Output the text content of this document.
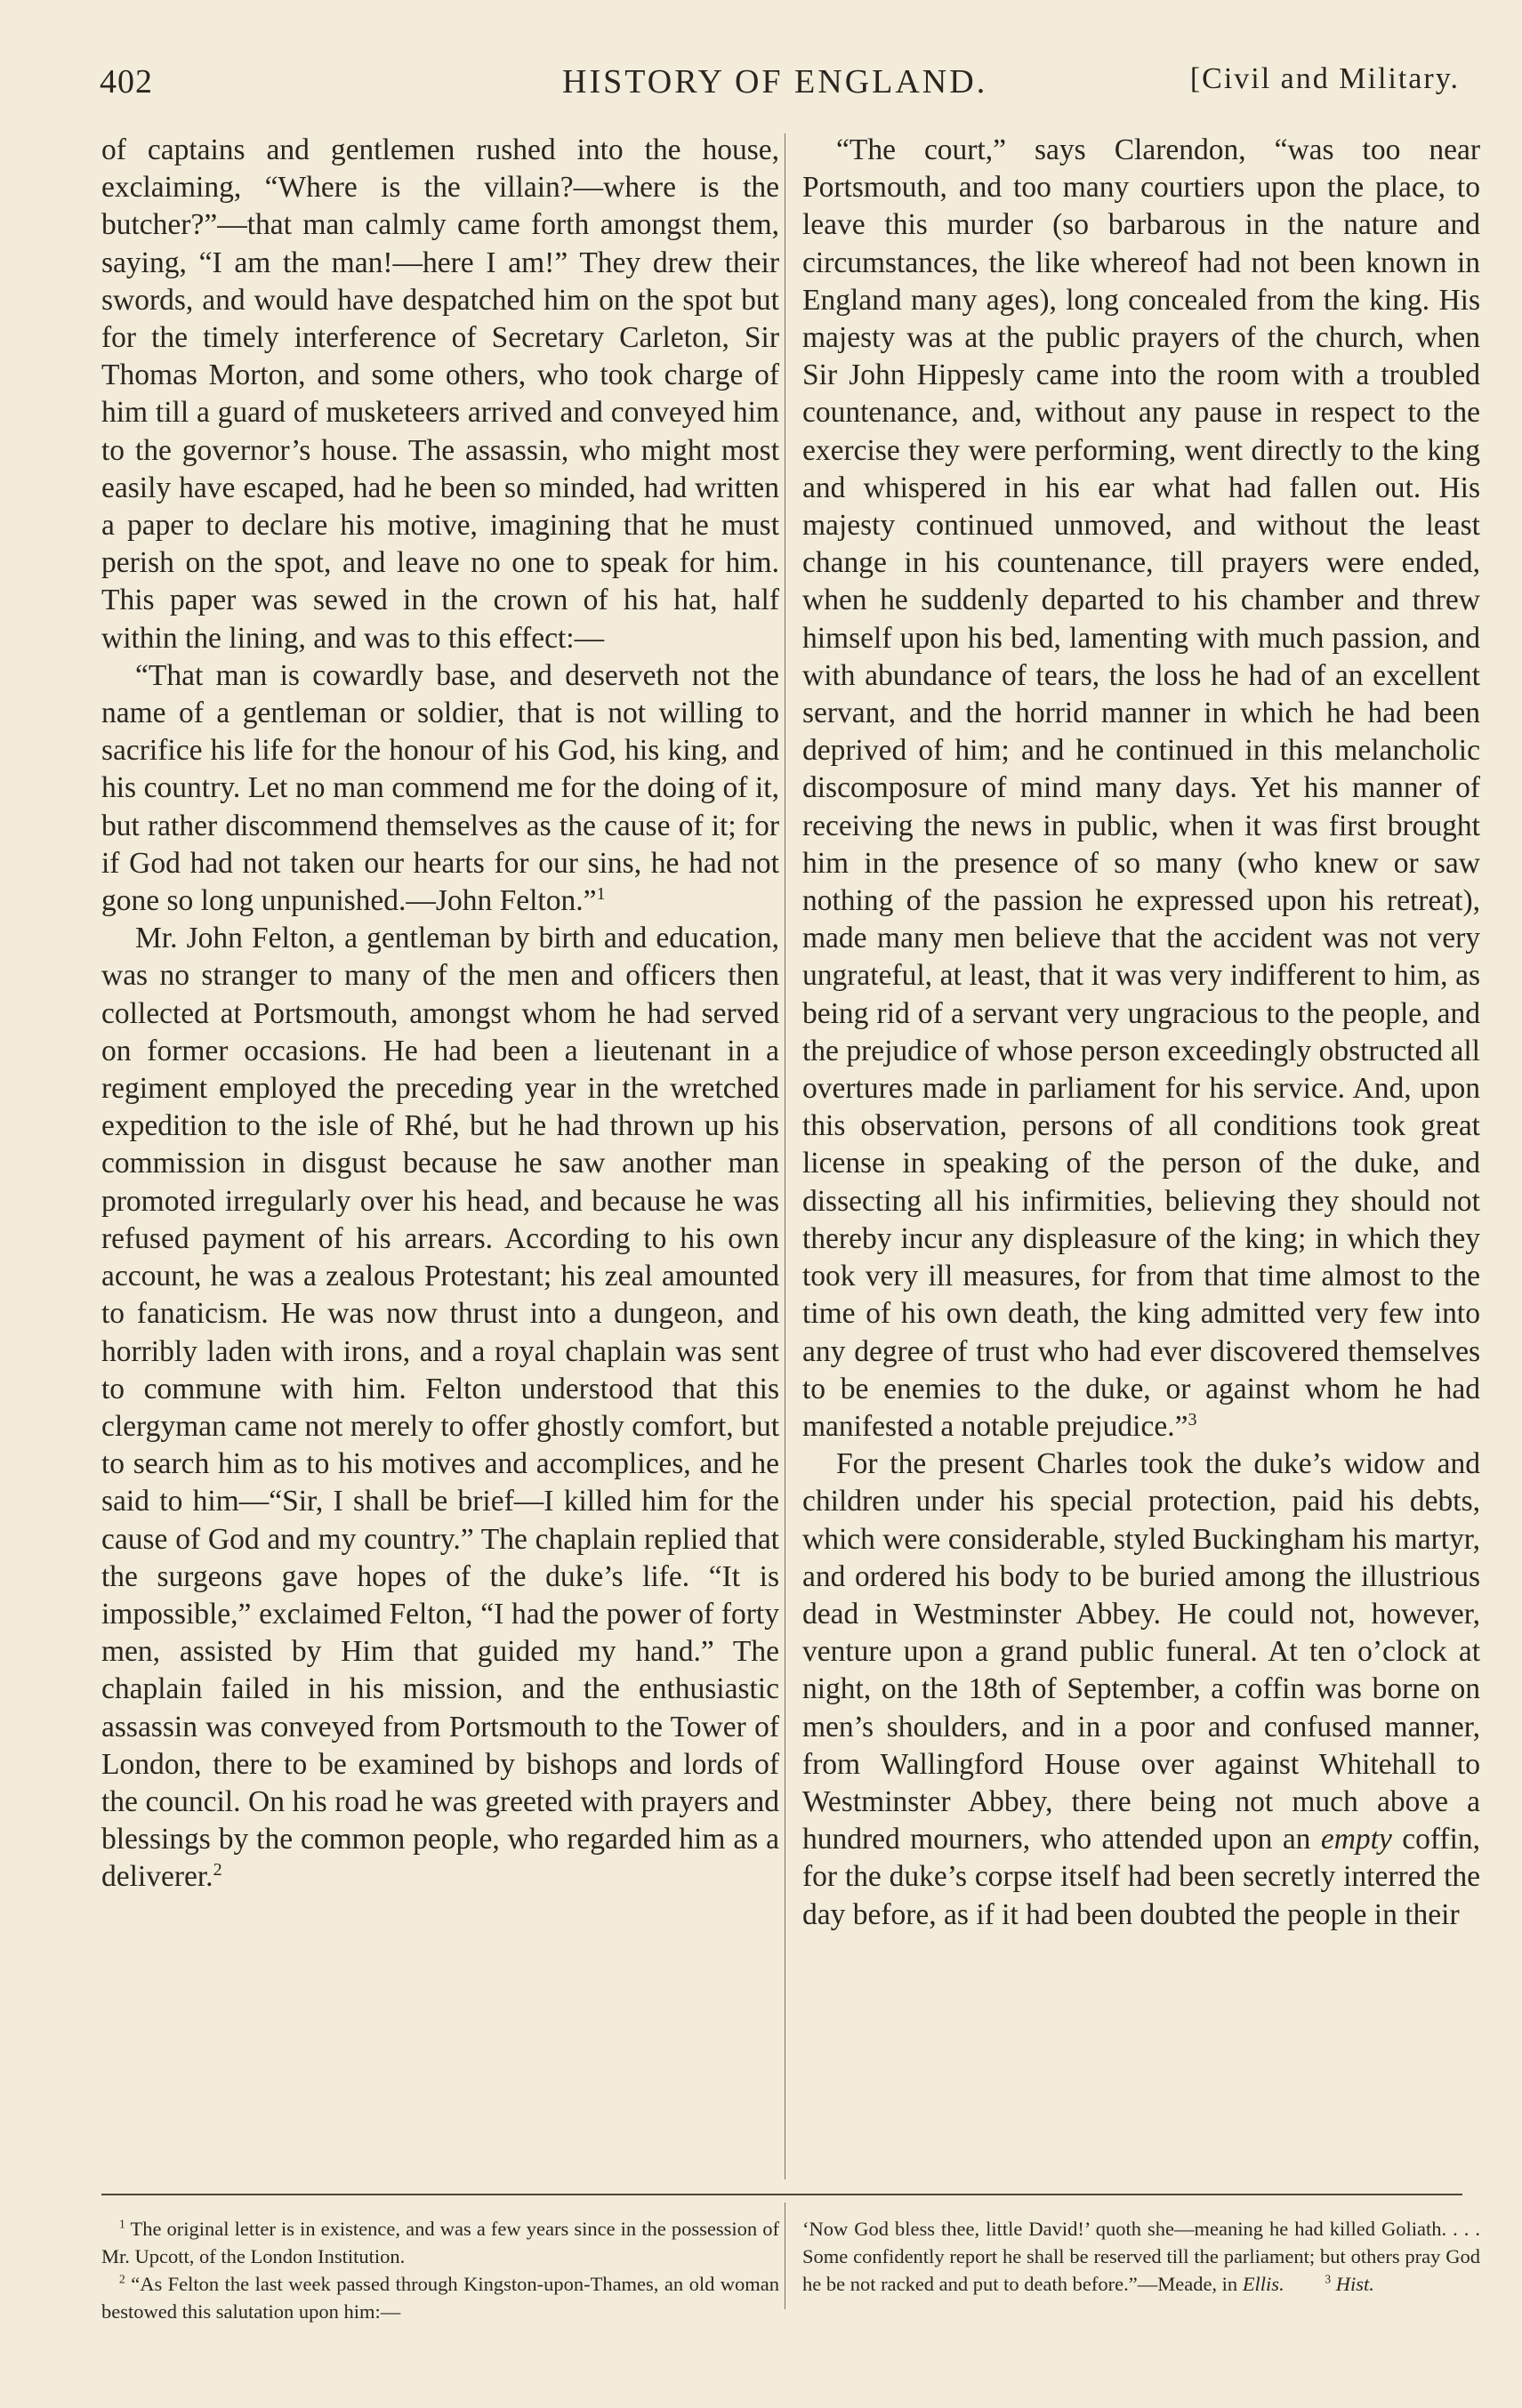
402	HISTORY OF ENGLAND.	[Civil and Military.

of captains and gentlemen rushed into the house, exclaiming, “Where is the villain?—where is the butcher?”—that man calmly came forth amongst them, saying, “I am the man!—here I am!” They drew their swords, and would have despatched him on the spot but for the timely interference of Secretary Carleton, Sir Thomas Morton, and some others, who took charge of him till a guard of musketeers arrived and conveyed him to the governor’s house. The assassin, who might most easily have escaped, had he been so minded, had written a paper to declare his motive, imagining that he must perish on the spot, and leave no one to speak for him. This paper was sewed in the crown of his hat, half within the lining, and was to this effect:—

“That man is cowardly base, and deserveth not the name of a gentleman or soldier, that is not willing to sacrifice his life for the honour of his God, his king, and his country. Let no man commend me for the doing of it, but rather discommend themselves as the cause of it; for if God had not taken our hearts for our sins, he had not gone so long unpunished.—John Felton.”$^1$

Mr. John Felton, a gentleman by birth and education, was no stranger to many of the men and officers then collected at Portsmouth, amongst whom he had served on former occasions. He had been a lieutenant in a regiment employed the preceding year in the wretched expedition to the isle of Rhé, but he had thrown up his commission in disgust because he saw another man promoted irregularly over his head, and because he was refused payment of his arrears. According to his own account, he was a zealous Protestant; his zeal amounted to fanaticism. He was now thrust into a dungeon, and horribly laden with irons, and a royal chaplain was sent to commune with him. Felton understood that this clergyman came not merely to offer ghostly comfort, but to search him as to his motives and accomplices, and he said to him—“Sir, I shall be brief—I killed him for the cause of God and my country.” The chaplain replied that the surgeons gave hopes of the duke’s life. “It is impossible,” exclaimed Felton, “I had the power of forty men, assisted by Him that guided my hand.” The chaplain failed in his mission, and the enthusiastic assassin was conveyed from Portsmouth to the Tower of London, there to be examined by bishops and lords of the council. On his road he was greeted with prayers and blessings by the common people, who regarded him as a deliverer.$^2$

“The court,” says Clarendon, “was too near Portsmouth, and too many courtiers upon the place, to leave this murder (so barbarous in the nature and circumstances, the like whereof had not been known in England many ages), long concealed from the king. His majesty was at the public prayers of the church, when Sir John Hippesly came into the room with a troubled countenance, and, without any pause in respect to the exercise they were performing, went directly to the king and whispered in his ear what had fallen out. His majesty continued unmoved, and without the least change in his countenance, till prayers were ended, when he suddenly departed to his chamber and threw himself upon his bed, lamenting with much passion, and with abundance of tears, the loss he had of an excellent servant, and the horrid manner in which he had been deprived of him; and he continued in this melancholic discomposure of mind many days. Yet his manner of receiving the news in public, when it was first brought him in the presence of so many (who knew or saw nothing of the passion he expressed upon his retreat), made many men believe that the accident was not very ungrateful, at least, that it was very indifferent to him, as being rid of a servant very ungracious to the people, and the prejudice of whose person exceedingly obstructed all overtures made in parliament for his service. And, upon this observation, persons of all conditions took great license in speaking of the person of the duke, and dissecting all his infirmities, believing they should not thereby incur any displeasure of the king; in which they took very ill measures, for from that time almost to the time of his own death, the king admitted very few into any degree of trust who had ever discovered themselves to be enemies to the duke, or against whom he had manifested a notable prejudice.”$^3$

For the present Charles took the duke’s widow and children under his special protection, paid his debts, which were considerable, styled Buckingham his martyr, and ordered his body to be buried among the illustrious dead in Westminster Abbey. He could not, however, venture upon a grand public funeral. At ten o’clock at night, on the 18th of September, a coffin was borne on men’s shoulders, and in a poor and confused manner, from Wallingford House over against Whitehall to Westminster Abbey, there being not much above a hundred mourners, who attended upon an empty coffin, for the duke’s corpse itself had been secretly interred the day before, as if it had been doubted the people in their

$^1$ The original letter is in existence, and was a few years since in the possession of Mr. Upcott, of the London Institution.

$^2$ “As Felton the last week passed through Kingston-upon-Thames, an old woman bestowed this salutation upon him:—

‘Now God bless thee, little David!’ quoth she—meaning he had killed Goliath. . . . Some confidently report he shall be reserved till the parliament; but others pray God he be not racked and put to death before.”—Meade, in Ellis.	$^3$ Hist.
